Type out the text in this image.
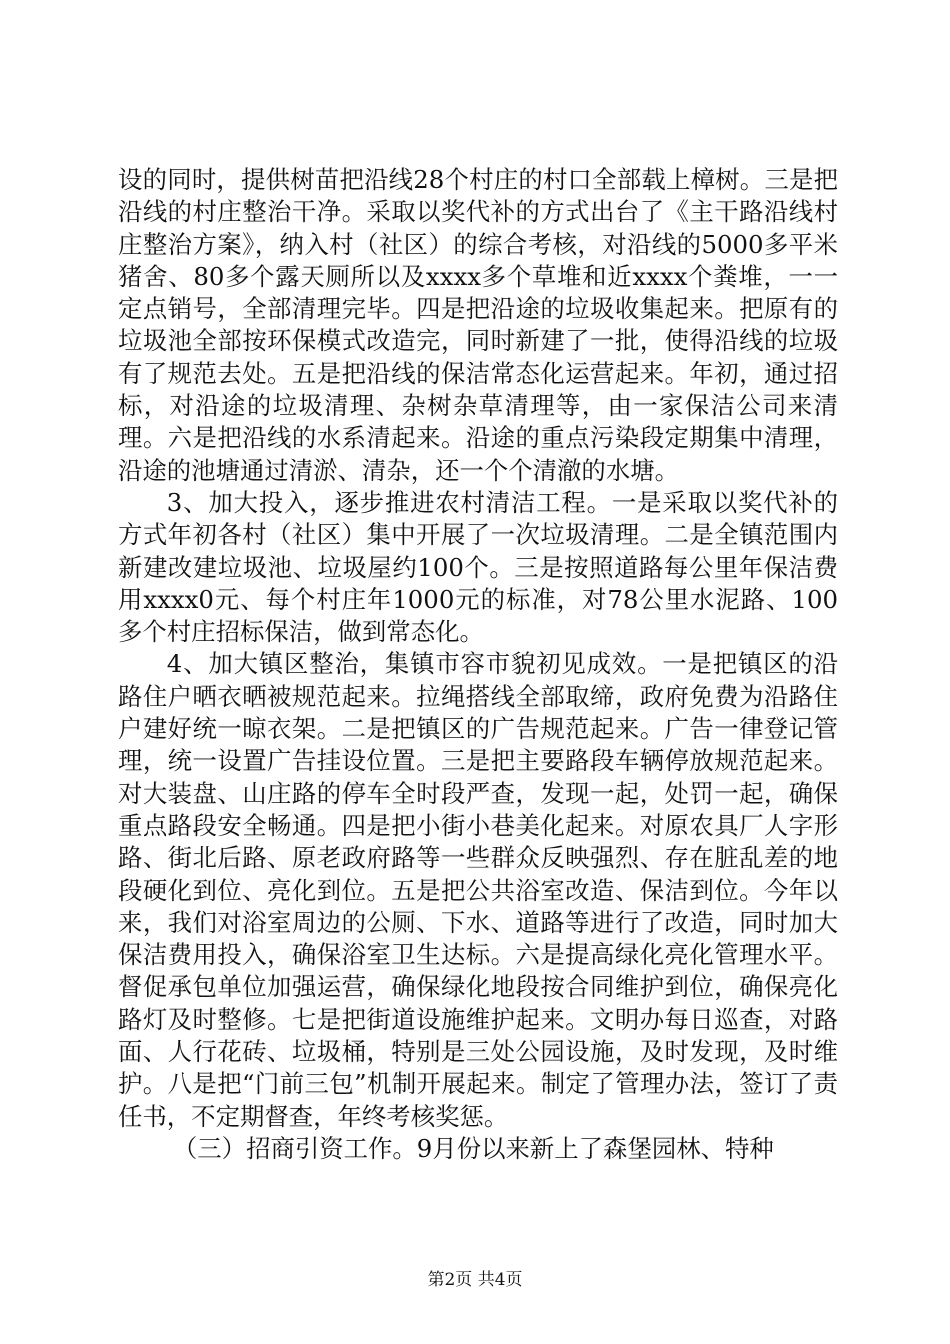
设的同时，提供树苗把沿线28个村庄的村口全部载上樟树。三是把沿线的村庄整治干净。采取以奖代补的方式出台了《主干路沿线村庄整治方案》，纳入村（社区）的综合考核，对沿线的5000多平米猪舍、80多个露天厕所以及xxxx多个草堆和近xxxx个粪堆，一一定点销号，全部清理完毕。四是把沿途的垃圾收集起来。把原有的垃圾池全部按环保模式改造完，同时新建了一批，使得沿线的垃圾有了规范去处。五是把沿线的保洁常态化运营起来。年初，通过招标，对沿途的垃圾清理、杂树杂草清理等，由一家保洁公司来清理。六是把沿线的水系清起来。沿途的重点污染段定期集中清理，沿途的池塘通过清淤、清杂，还一个个清澈的水塘。

3、加大投入，逐步推进农村清洁工程。一是采取以奖代补的方式年初各村（社区）集中开展了一次垃圾清理。二是全镇范围内新建改建垃圾池、垃圾屋约100个。三是按照道路每公里年保洁费用xxxx0元、每个村庄年1000元的标准，对78公里水泥路、100多个村庄招标保洁，做到常态化。

4、加大镇区整治，集镇市容市貌初见成效。一是把镇区的沿路住户晒衣晒被规范起来。拉绳搭线全部取缔，政府免费为沿路住户建好统一晾衣架。二是把镇区的广告规范起来。广告一律登记管理，统一设置广告挂设位置。三是把主要路段车辆停放规范起来。对大装盘、山庄路的停车全时段严查，发现一起，处罚一起，确保重点路段安全畅通。四是把小街小巷美化起来。对原农具厂人字形路、街北后路、原老政府路等一些群众反映强烈、存在脏乱差的地段硬化到位、亮化到位。五是把公共浴室改造、保洁到位。今年以来，我们对浴室周边的公厕、下水、道路等进行了改造，同时加大保洁费用投入，确保浴室卫生达标。六是提高绿化亮化管理水平。督促承包单位加强运营，确保绿化地段按合同维护到位，确保亮化路灯及时整修。七是把街道设施维护起来。文明办每日巡查，对路面、人行花砖、垃圾桶，特别是三处公园设施，及时发现，及时维护。八是把“门前三包”机制开展起来。制定了管理办法，签订了责任书，不定期督查，年终考核奖惩。

（三）招商引资工作。9月份以来新上了森堡园林、特种

第2页 共4页
